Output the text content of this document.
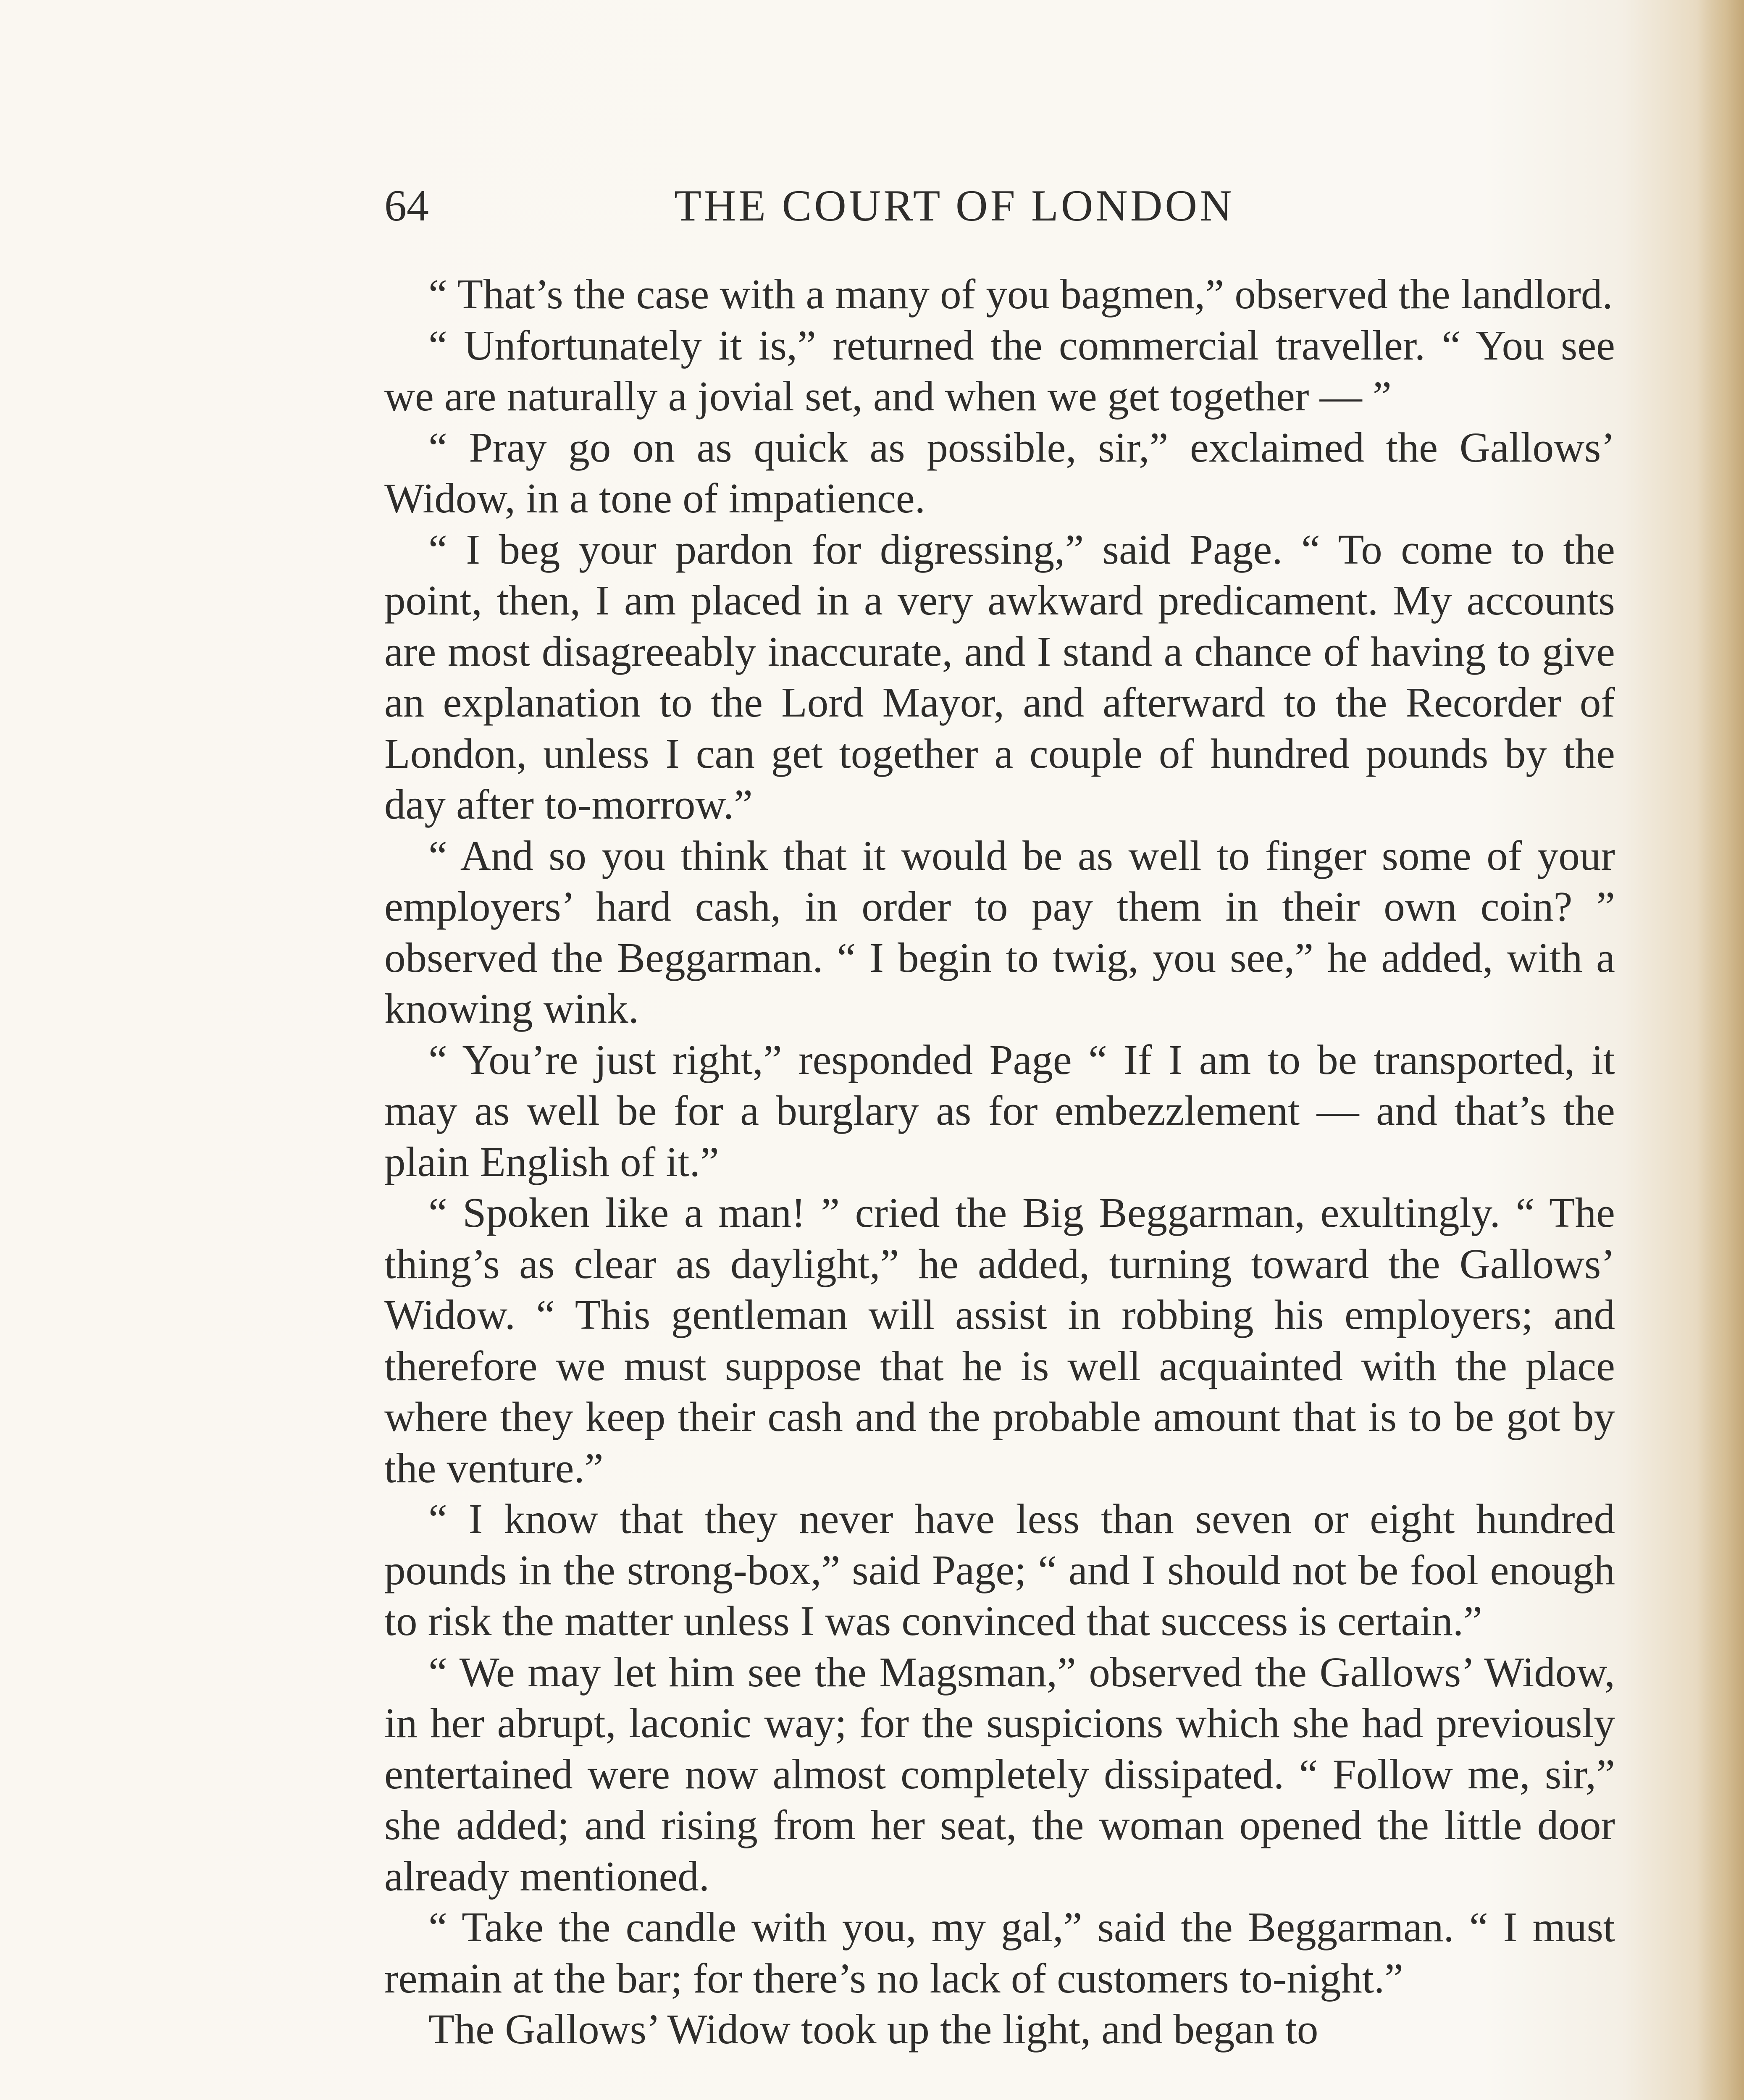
64	THE COURT OF LONDON

“ That’s the case with a many of you bagmen,” observed the landlord.

“ Unfortunately it is,” returned the commercial traveller. “ You see we are naturally a jovial set, and when we get together — ”

“ Pray go on as quick as possible, sir,” exclaimed the Gallows’ Widow, in a tone of impatience.

“ I beg your pardon for digressing,” said Page. “ To come to the point, then, I am placed in a very awkward predicament. My accounts are most disagreeably inaccurate, and I stand a chance of having to give an explanation to the Lord Mayor, and afterward to the Recorder of London, unless I can get together a couple of hundred pounds by the day after to-morrow.”

“ And so you think that it would be as well to finger some of your employers’ hard cash, in order to pay them in their own coin? ” observed the Beggarman. “ I begin to twig, you see,” he added, with a knowing wink.

“ You’re just right,” responded Page “ If I am to be transported, it may as well be for a burglary as for embezzlement — and that’s the plain English of it.”

“ Spoken like a man! ” cried the Big Beggarman, exultingly. “ The thing’s as clear as daylight,” he added, turning toward the Gallows’ Widow. “ This gentleman will assist in robbing his employers; and therefore we must suppose that he is well acquainted with the place where they keep their cash and the probable amount that is to be got by the venture.”

“ I know that they never have less than seven or eight hundred pounds in the strong-box,” said Page; “ and I should not be fool enough to risk the matter unless I was convinced that success is certain.”

“ We may let him see the Magsman,” observed the Gallows’ Widow, in her abrupt, laconic way; for the suspicions which she had previously entertained were now almost completely dissipated. “ Follow me, sir,” she added; and rising from her seat, the woman opened the little door already mentioned.

“ Take the candle with you, my gal,” said the Beggarman. “ I must remain at the bar; for there’s no lack of customers to-night.”

The Gallows’ Widow took up the light, and began to
